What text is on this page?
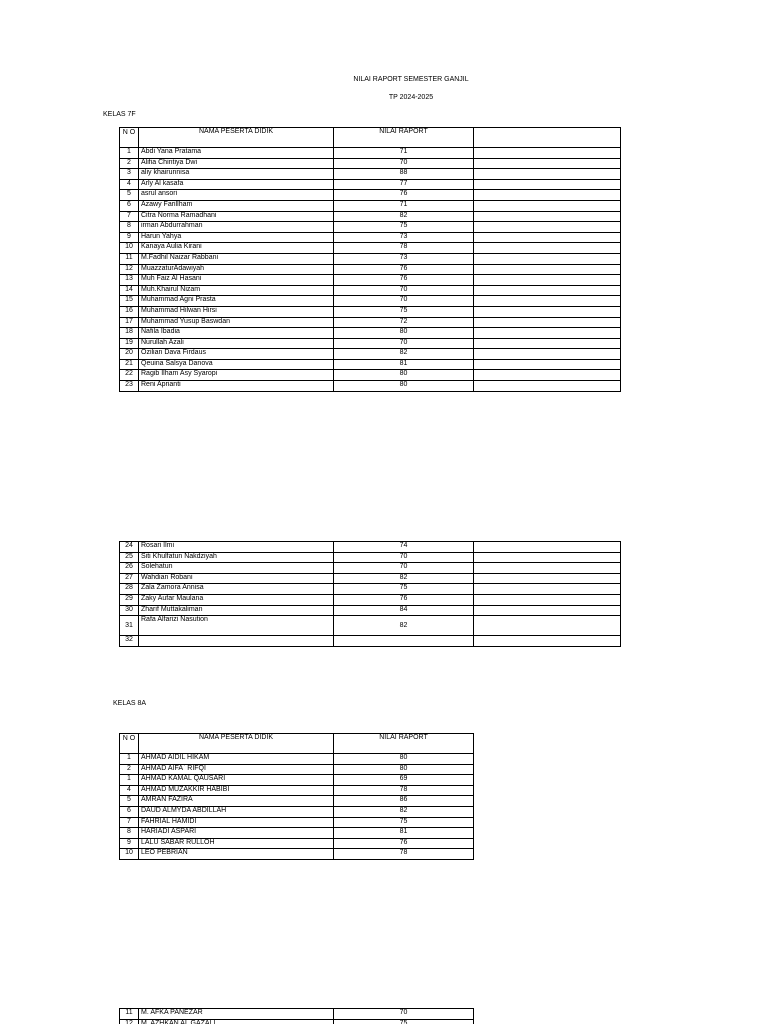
NILAI RAPORT SEMESTER GANJIL
TP 2024-2025
KELAS 7F
N O	NAMA PESERTA DIDIK	NILAI RAPORT	
1	Abdi Yana Pratama	71	
2	Alifia Chintiya Dwi	70	
3	aliy khairunnisa	88	
4	Arly Al kasafa	77	
5	asrul ansori	76	
6	Azawy Farillham	71	
7	Citra Norma Ramadhani	82	
8	irman Abdurrahman	75	
9	Harun Yahya	73	
10	Kanaya Aulia Kirani	78	
11	M.Fadhil Naizar Rabbani	73	
12	MuazzaturAdawiyah	76	
13	Muh Faiz Al Hasani	76	
14	Muh.Khairul Nizam	70	
15	Muhammad Agni Prasta	70	
16	Muhammad Hilwan Hirsi	75	
17	Muhammad Yusup Baswdan	72	
18	Nafila Ibadia	80	
19	Nurullah Azali	70	
20	Ozilian Dava Firdaus	82	
21	Qeuina Salsya Danova	81	
22	Ragib Ilham Asy Syaropi	80	
23	Reni Aprianti	80	
24	Rosari Ilmi	74	
25	Siti Khulfatun Nakdziyah	70	
26	Solehatun	70	
27	Wahdian Robani	82	
28	Zala Zamora Annisa	75	
29	Zaky Aufar Maulana	76	
30	Zharif Muttakaliman	84	
31	Rafa Alfarizi Nasution	82	
32			
KELAS 8A
N O	NAMA PESERTA DIDIK	NILAI RAPORT
1	AHMAD AIDIL HIKAM	80
2	AHMAD AIFA` RIFQI	80
1	AHMAD KAMAL QAUSARI	69
4	AHMAD MUZAKKIR HABIBI	78
5	AMRAN FAZIRA	86
6	DAUD ALMYDA ABDILLAH	82
7	FAHRIAL HAMIDI	75
8	HARIADI ASPARI	81
9	LALU SABAR RULLOH	76
10	LEO PEBRIAN	78
11	M. AFKA PANEZAR	70
12	M. AZHKAN AL GAZALI	75
